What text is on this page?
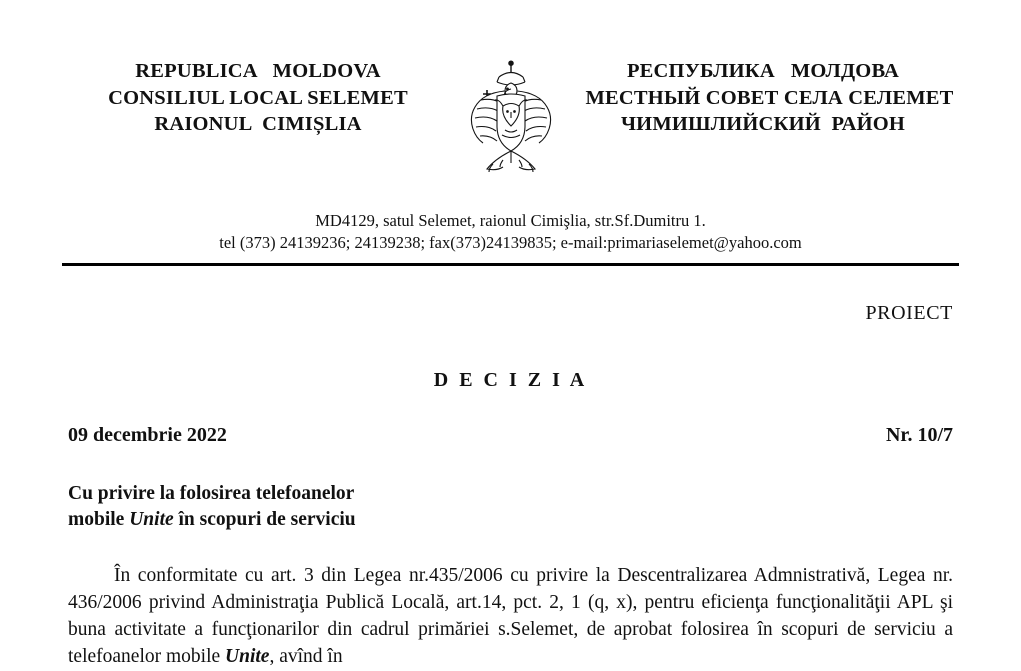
REPUBLICA   MOLDOVA
CONSILIUL LOCAL SELEMET
RAIONUL  CIMIȘLIA
РЕСПУБЛИКА   МОЛДОВА
МЕСТНЫЙ СОВЕТ СЕЛА СЕЛЕМЕТ
ЧИМИШЛИЙСКИЙ  РАЙОН
MD4129, satul Selemet, raionul Cimişlia, str.Sf.Dumitru 1.
tel (373) 24139236; 24139238; fax(373)24139835; e-mail:primariaselemet@yahoo.com
PROIECT
D E C I Z I A
09 decembrie 2022	Nr. 10/7
Cu privire la folosirea telefoanelor
mobile Unite în scopuri de serviciu
În conformitate cu art. 3 din Legea nr.435/2006 cu privire la Descentralizarea Admnistrativă, Legea nr. 436/2006 privind Administraţia Publică Locală, art.14, pct. 2, 1 (q, x), pentru eficienţa funcţionalităţii APL şi buna activitate a funcţionarilor din cadrul primăriei s.Selemet, de aprobat folosirea în scopuri de serviciu a telefoanelor mobile Unite, avînd în
